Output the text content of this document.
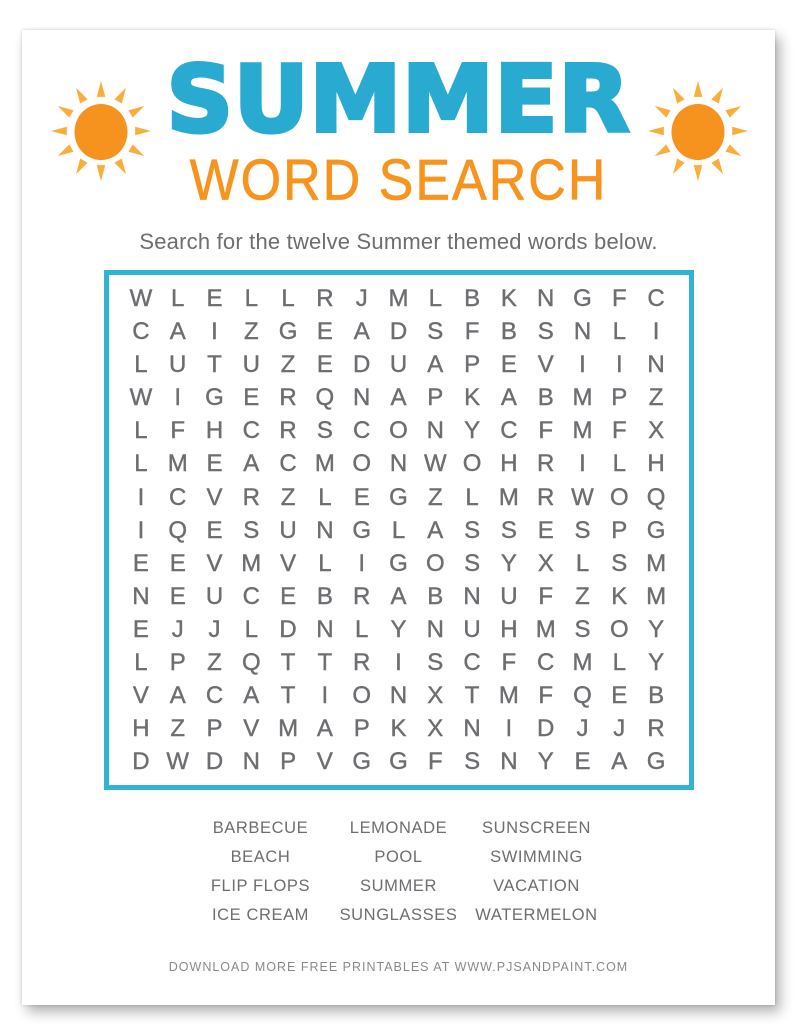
SUMMER
WORD SEARCH
Search for the twelve Summer themed words below.
W L E L L R J M L B K N G F C
C A	I	Z G E A D S F B S N L	I
L U T U Z E D U A P E V	I	I	N
W I	G E R Q N A P K A B M P Z
L F H C R S C O N Y C F M F X
L M E A C M O N W O H R	I	L H
I	C V R Z L E G Z L M R W O Q
I	Q E S U N G L A S S E S P G
E E V M V L	I	G O S Y X L S M
N E U C E B R A B N U F Z K M
E J	J	L D N L Y N U H M S O Y
L P Z Q T T R	I	S C F C M L Y
V A C A T	I	O N X T M F Q E B
H Z P V M A P K X N	I	D J	J R
D W D N P V G G F S N Y E A G
BARBECUE
BEACH
FLIP FLOPS
ICE CREAM
LEMONADE
POOL
SUMMER
SUNGLASSES
SUNSCREEN
SWIMMING
VACATION
WATERMELON
DOWNLOAD MORE FREE PRINTABLES AT WWW.PJSANDPAINT.COM
